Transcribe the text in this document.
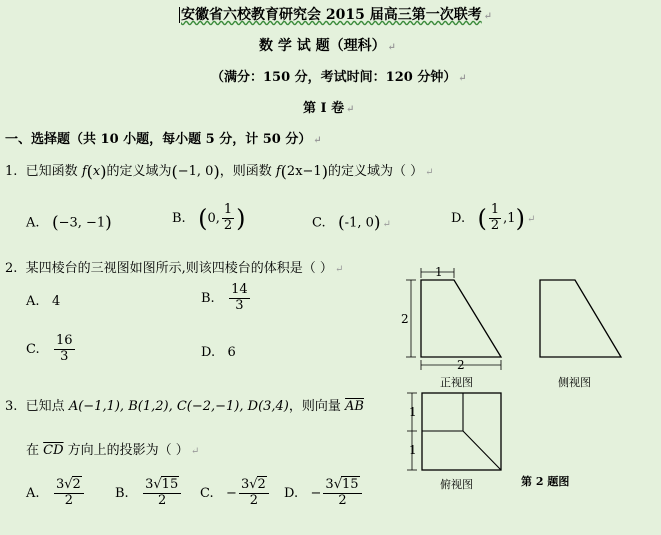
安徽省六校教育研究会 2015 届高三第一次联考 ↵
数 学 试 题（理科） ↵
（满分：150 分，考试时间：120 分钟） ↵
第 I 卷 ↵
一、选择题（共 10 小题，每小题 5 分，计 50 分） ↵
1. 已知函数 f(x)的定义域为(−1, 0)，则函数 f(2x−1)的定义域为（ ） ↵
A. (−3, −1)	B. (0, $\frac{1}{2}$ )	C. (-1, 0) ↵	D. ( $\frac{1}{2} ,1$) ↵
2. 某四棱台的三视图如图所示,则该四棱台的体积是（ ） ↵
A. 4	B. $\frac{14}{3}$
C. $\frac{16}{3}$	D. 6
3. 已知点 A(−1,1), B(1,2), C(−2,−1), D(3,4)，则向量 $\overline{AB}$
在 $\overline{CD}$ 方向上的投影为（ ） ↵
A. $\frac{3√2}{2} B$. $\frac{3√15}{2} C$. − $\frac{3√2}{2} D$. − $\frac{3√15}{2}$
1
2
2
正视图	侧视图
1
1
俯视图	第 2 题图
